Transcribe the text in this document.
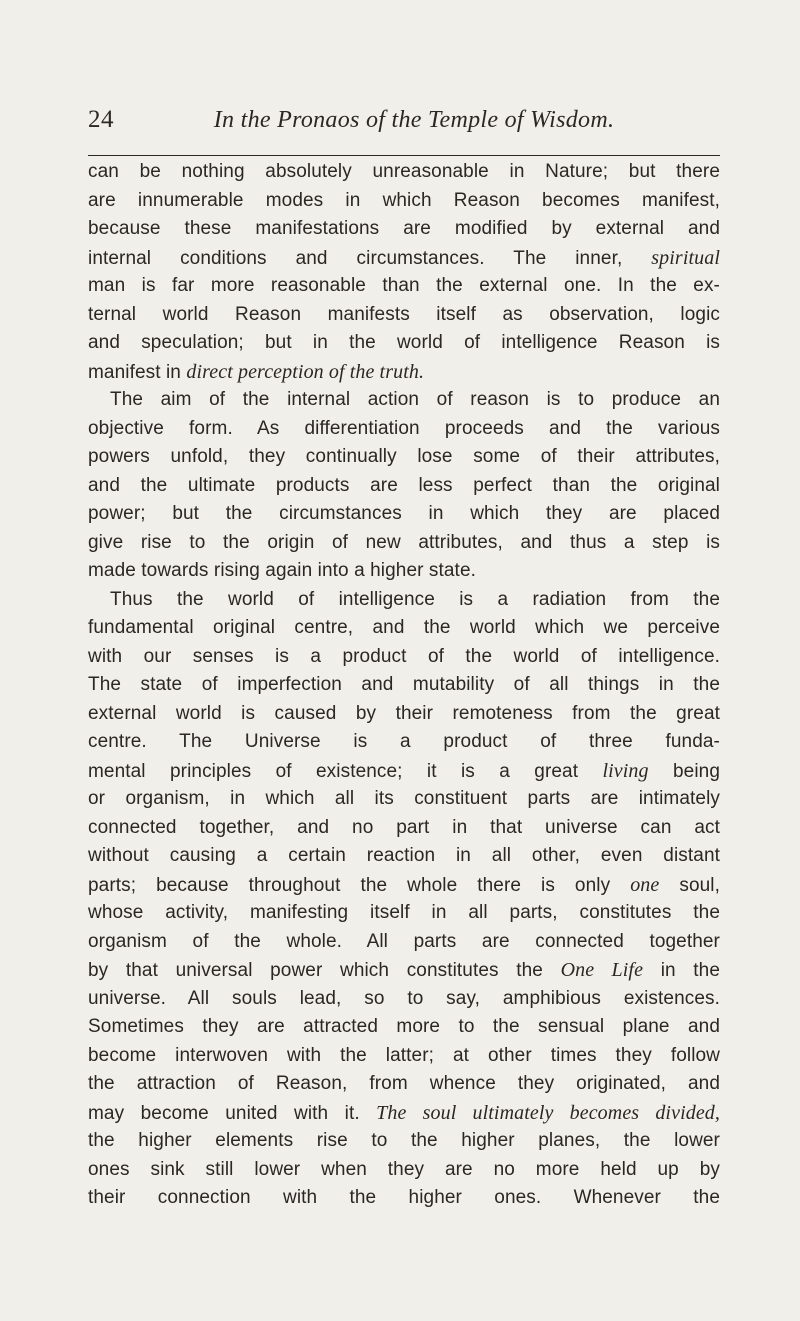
24	In the Pronaos of the Temple of Wisdom.
can be nothing absolutely unreasonable in Nature; but there
are innumerable modes in which Reason becomes manifest,
because these manifestations are modified by external and
internal conditions and circumstances. The inner, spiritual
man is far more reasonable than the external one. In the ex-
ternal world Reason manifests itself as observation, logic
and speculation; but in the world of intelligence Reason is
manifest in direct perception of the truth.
The aim of the internal action of reason is to produce an
objective form. As differentiation proceeds and the various
powers unfold, they continually lose some of their attributes,
and the ultimate products are less perfect than the original
power; but the circumstances in which they are placed
give rise to the origin of new attributes, and thus a step is
made towards rising again into a higher state.
Thus the world of intelligence is a radiation from the
fundamental original centre, and the world which we perceive
with our senses is a product of the world of intelligence.
The state of imperfection and mutability of all things in the
external world is caused by their remoteness from the great
centre. The Universe is a product of three funda-
mental principles of existence; it is a great living being
or organism, in which all its constituent parts are intimately
connected together, and no part in that universe can act
without causing a certain reaction in all other, even distant
parts; because throughout the whole there is only one soul,
whose activity, manifesting itself in all parts, constitutes the
organism of the whole. All parts are connected together
by that universal power which constitutes the One Life in the
universe. All souls lead, so to say, amphibious existences.
Sometimes they are attracted more to the sensual plane and
become interwoven with the latter; at other times they follow
the attraction of Reason, from whence they originated, and
may become united with it. The soul ultimately becomes divided,
the higher elements rise to the higher planes, the lower
ones sink still lower when they are no more held up by
their connection with the higher ones. Whenever the
